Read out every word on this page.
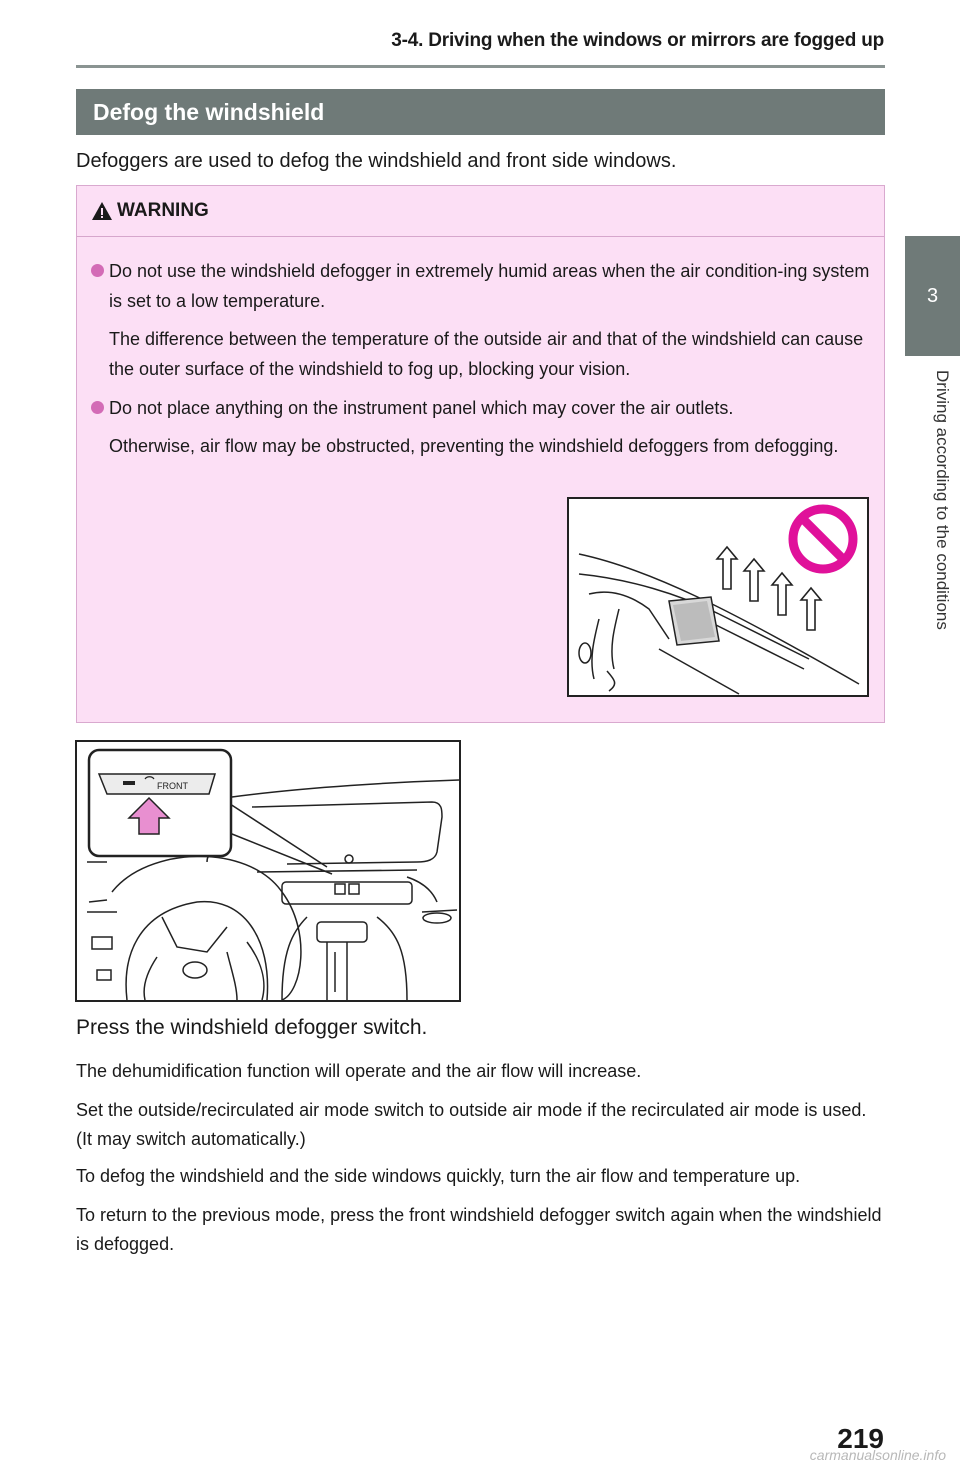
3-4. Driving when the windows or mirrors are fogged up
3
Driving according to the conditions
Defog the windshield
Defoggers are used to defog the windshield and front side windows.
WARNING
Do not use the windshield defogger in extremely humid areas when the air condition-ing system is set to a low temperature.
The difference between the temperature of the outside air and that of the windshield can cause the outer surface of the windshield to fog up, blocking your vision.
Do not place anything on the instrument panel which may cover the air outlets.
Otherwise, air flow may be obstructed, preventing the windshield defoggers from defogging.
FRONT
Press the windshield defogger switch.
The dehumidification function will operate and the air flow will increase.
Set the outside/recirculated air mode switch to outside air mode if the recirculated air mode is used. (It may switch automatically.)
To defog the windshield and the side windows quickly, turn the air flow and temperature up.
To return to the previous mode, press the front windshield defogger switch again when the windshield is defogged.
219
carmanualsonline.info
